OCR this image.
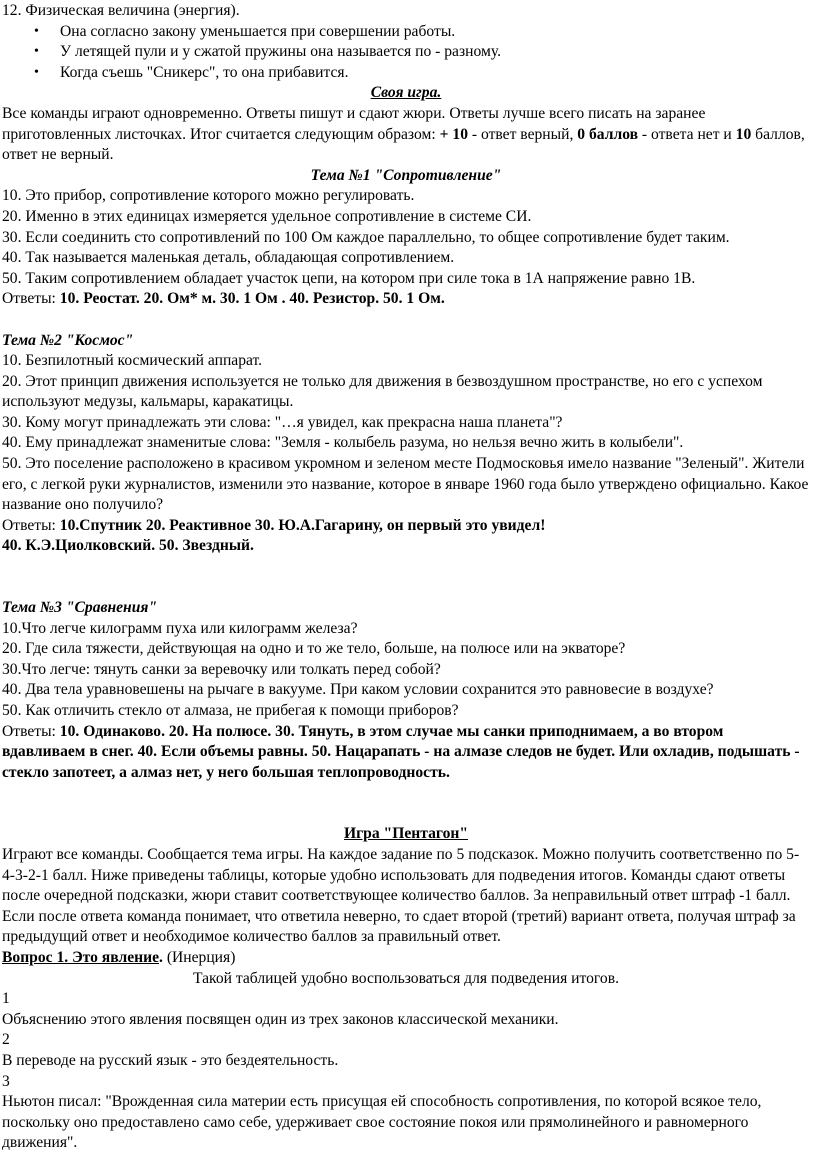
12. Физическая величина (энергия).

• Она согласно закону уменьшается при совершении работы.
• У летящей пули и у сжатой пружины она называется по - разному.
• Когда съешь "Сникерс", то она прибавится.

Своя игра.

Все команды играют одновременно. Ответы пишут и сдают жюри. Ответы лучше всего писать на заранее приготовленных листочках. Итог считается следующим образом: + 10 - ответ верный, 0 баллов - ответа нет и 10 баллов, ответ не верный.

Тема №1 "Сопротивление"

10. Это прибор, сопротивление которого можно регулировать.

20. Именно в этих единицах измеряется удельное сопротивление в системе СИ.

30. Если соединить сто сопротивлений по 100 Ом каждое параллельно, то общее сопротивление будет таким.

40. Так называется маленькая деталь, обладающая сопротивлением.

50. Таким сопротивлением обладает участок цепи, на котором при силе тока в 1А напряжение равно 1В.

Ответы: 10. Реостат. 20. Ом* м. 30. 1 Ом . 40. Резистор. 50. 1 Ом.

Тема №2 "Космос"

10. Безпилотный космический аппарат.

20. Этот принцип движения используется не только для движения в безвоздушном пространстве, но его с успехом используют медузы, кальмары, каракатицы.

30. Кому могут принадлежать эти слова: "…я увидел, как прекрасна наша планета"?

40. Ему принадлежат знаменитые слова: "Земля - колыбель разума, но нельзя вечно жить в колыбели".

50. Это поселение расположено в красивом укромном и зеленом месте Подмосковья имело название "Зеленый". Жители его, с легкой руки журналистов, изменили это название, которое в январе 1960 года было утверждено официально. Какое название оно получило?

Ответы: 10.Спутник 20. Реактивное 30. Ю.А.Гагарину, он первый это увидел!

40. К.Э.Циолковский. 50. Звездный.

Тема №3 "Сравнения"

10.Что легче килограмм пуха или килограмм железа?

20. Где сила тяжести, действующая на одно и то же тело, больше, на полюсе или на экваторе?

30.Что легче: тянуть санки за веревочку или толкать перед собой?

40. Два тела уравновешены на рычаге в вакууме. При каком условии сохранится это равновесие в воздухе?

50. Как отличить стекло от алмаза, не прибегая к помощи приборов?

Ответы: 10. Одинаково. 20. На полюсе. 30. Тянуть, в этом случае мы санки приподнимаем, а во втором вдавливаем в снег. 40. Если объемы равны. 50. Нацарапать - на алмазе следов не будет. Или охладив, подышать - стекло запотеет, а алмаз нет, у него большая теплопроводность.

Игра "Пентагон"

Играют все команды. Сообщается тема игры. На каждое задание по 5 подсказок. Можно получить соответственно по 5-4-3-2-1 балл. Ниже приведены таблицы, которые удобно использовать для подведения итогов. Команды сдают ответы после очередной подсказки, жюри ставит соответствующее количество баллов. За неправильный ответ штраф -1 балл. Если после ответа команда понимает, что ответила неверно, то сдает второй (третий) вариант ответа, получая штраф за предыдущий ответ и необходимое количество баллов за правильный ответ.

Вопрос 1. Это явление. (Инерция)

Такой таблицей удобно воспользоваться для подведения итогов.

1

Объяснению этого явления посвящен один из трех законов классической механики.

2

В переводе на русский язык - это бездеятельность.

3

Ньютон писал: "Врожденная сила материи есть присущая ей способность сопротивления, по которой всякое тело, поскольку оно предоставлено само себе, удерживает свое состояние покоя или прямолинейного и равномерного движения".
